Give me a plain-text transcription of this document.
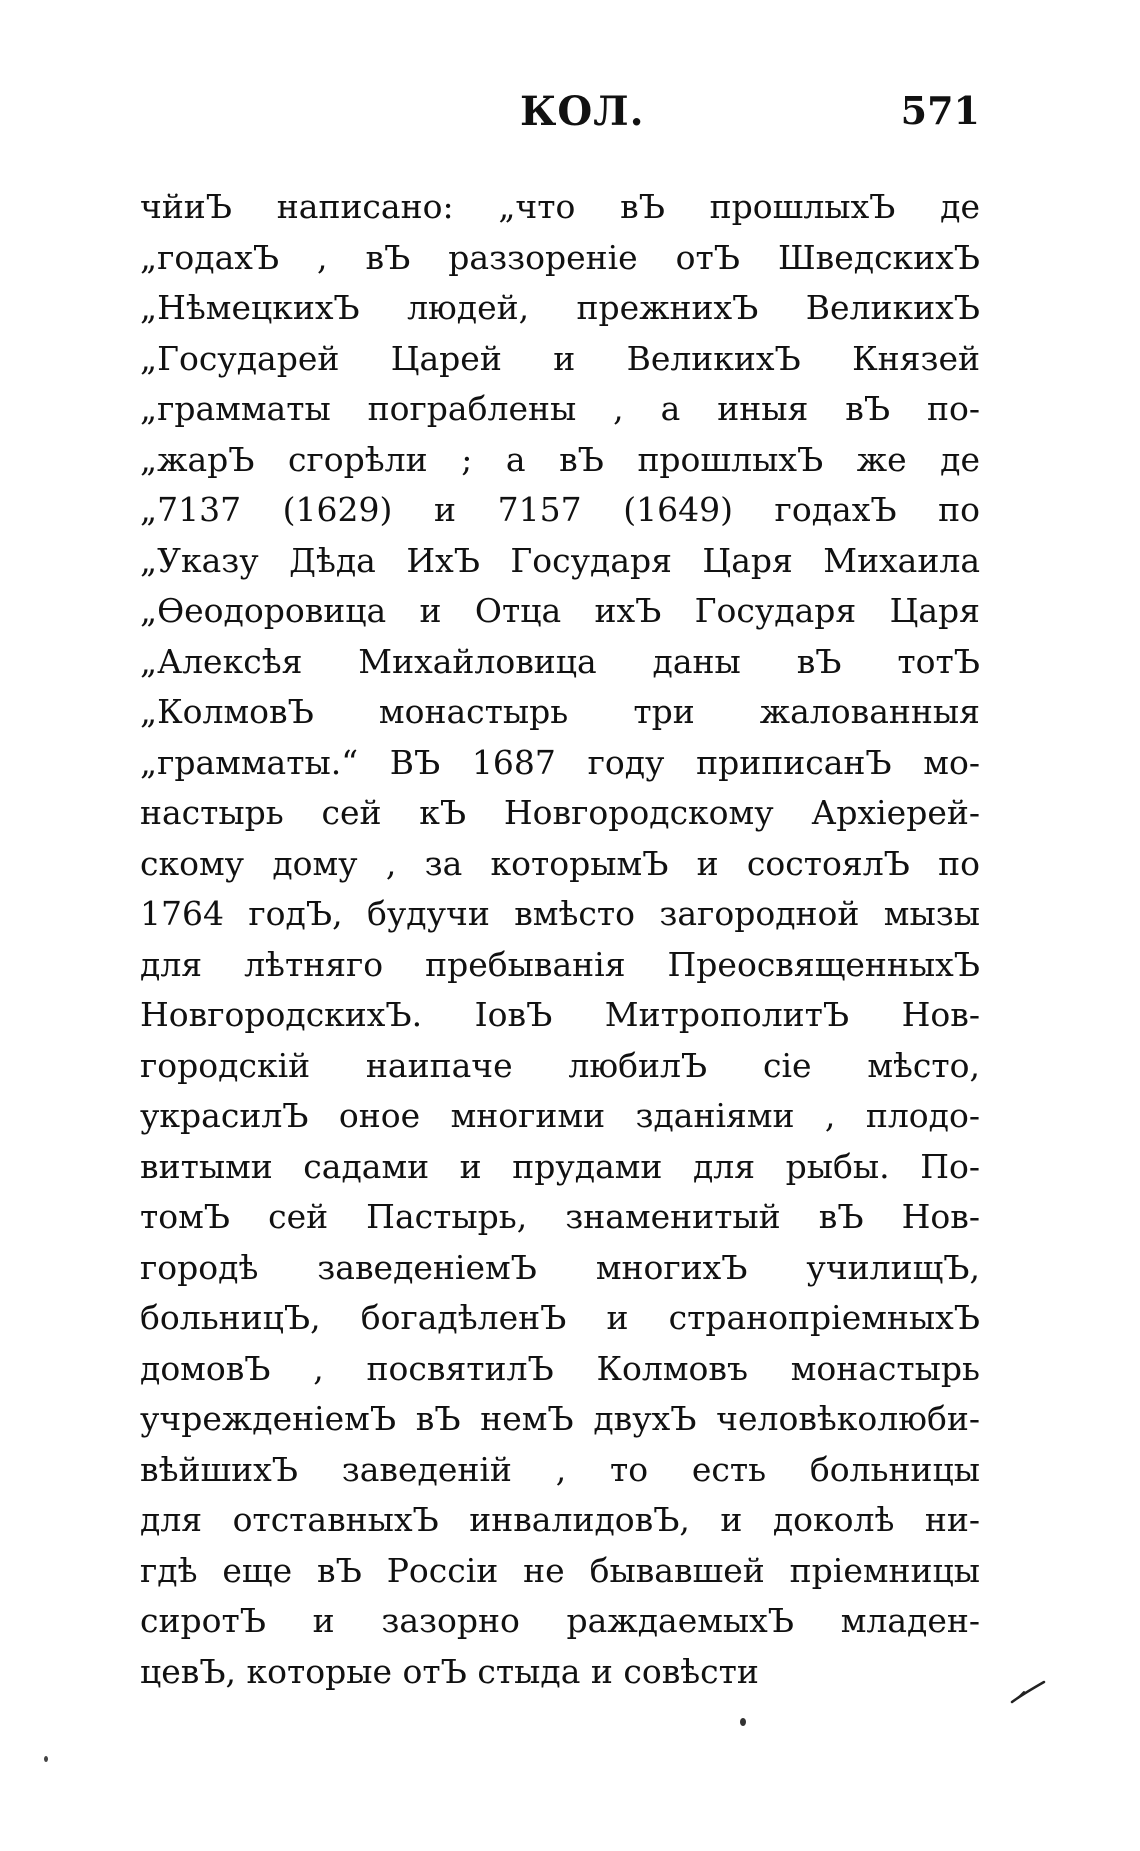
КОЛ.	571
чйиЪ написано: „что вЪ прошлыхЪ де
„годахЪ , вЪ раззореніе отЪ ШведскихЪ
„НѣмецкихЪ людей, прежнихЪ ВеликихЪ
„Государей Царей и ВеликихЪ Князей
„грамматы пограблены , а иныя вЪ по-
„жарЪ сгорѣли ; а вЪ прошлыхЪ же де
„7137 (1629) и 7157 (1649) годахЪ по
„Указу Дѣда ИхЪ Государя Царя Михаила
„Ѳеодоровица и Отца ихЪ Государя Царя
„Алексѣя Михайловица даны вЪ тотЪ
„КолмовЪ монастырь три жалованныя
„грамматы.“ ВЪ 1687 году приписанЪ мо-
настырь сей кЪ Новгородскому Архіерей-
скому дому , за которымЪ и состоялЪ по
1764 годЪ, будучи вмѣсто загородной мызы
для лѣтняго пребыванія ПреосвященныхЪ
НовгородскихЪ. ІовЪ МитрополитЪ Нов-
городскій наипаче любилЪ сіе мѣсто,
украсилЪ оное многими зданіями , плодо-
витыми садами и прудами для рыбы. По-
томЪ сей Пастырь, знаменитый вЪ Нов-
городѣ заведеніемЪ многихЪ училищЪ,
больницЪ, богадѣленЪ и странопріемныхЪ
домовЪ , посвятилЪ Колмовъ монастырь
учрежденіемЪ вЪ немЪ двухЪ человѣколюби-
вѣйшихЪ заведеній , то есть больницы
для отставныхЪ инвалидовЪ, и доколѣ ни-
гдѣ еще вЪ Россіи не бывавшей пріемницы
сиротЪ и зазорно раждаемыхЪ младен-
цевЪ, которые отЪ стыда и совѣсти
